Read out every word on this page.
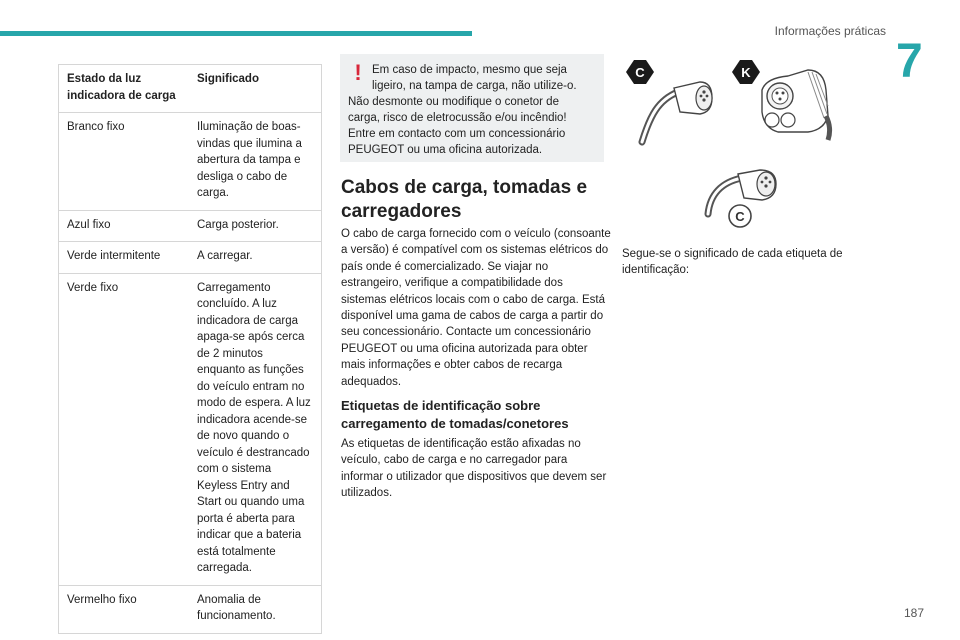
Informações práticas
7
Estado da luz indicadora de carga	Significado
Branco fixo	Iluminação de boas-vindas que ilumina a abertura da tampa e desliga o cabo de carga.
Azul fixo	Carga posterior.
Verde intermitente	A carregar.
Verde fixo	Carregamento concluído. A luz indicadora de carga apaga-se após cerca de 2 minutos enquanto as funções do veículo entram no modo de espera. A luz indicadora acende-se de novo quando o veículo é destrancado com o sistema Keyless Entry and Start ou quando uma porta é aberta para indicar que a bateria está totalmente carregada.
Vermelho fixo	Anomalia de funcionamento.
! Em caso de impacto, mesmo que seja ligeiro, na tampa de carga, não utilize-o.
Não desmonte ou modifique o conetor de carga, risco de eletrocussão e/ou incêndio!
Entre em contacto com um concessionário PEUGEOT ou uma oficina autorizada.
Cabos de carga, tomadas e carregadores
O cabo de carga fornecido com o veículo (consoante a versão) é compatível com os sistemas elétricos do país onde é comercializado. Se viajar no estrangeiro, verifique a compatibilidade dos sistemas elétricos locais com o cabo de carga. Está disponível uma gama de cabos de carga a partir do seu concessionário. Contacte um concessionário PEUGEOT ou uma oficina autorizada para obter mais informações e obter cabos de recarga adequados.
Etiquetas de identificação sobre carregamento de tomadas/conetores
As etiquetas de identificação estão afixadas no veículo, cabo de carga e no carregador para informar o utilizador que dispositivos que devem ser utilizados.
C	K
C
Segue-se o significado de cada etiqueta de identificação:
187
